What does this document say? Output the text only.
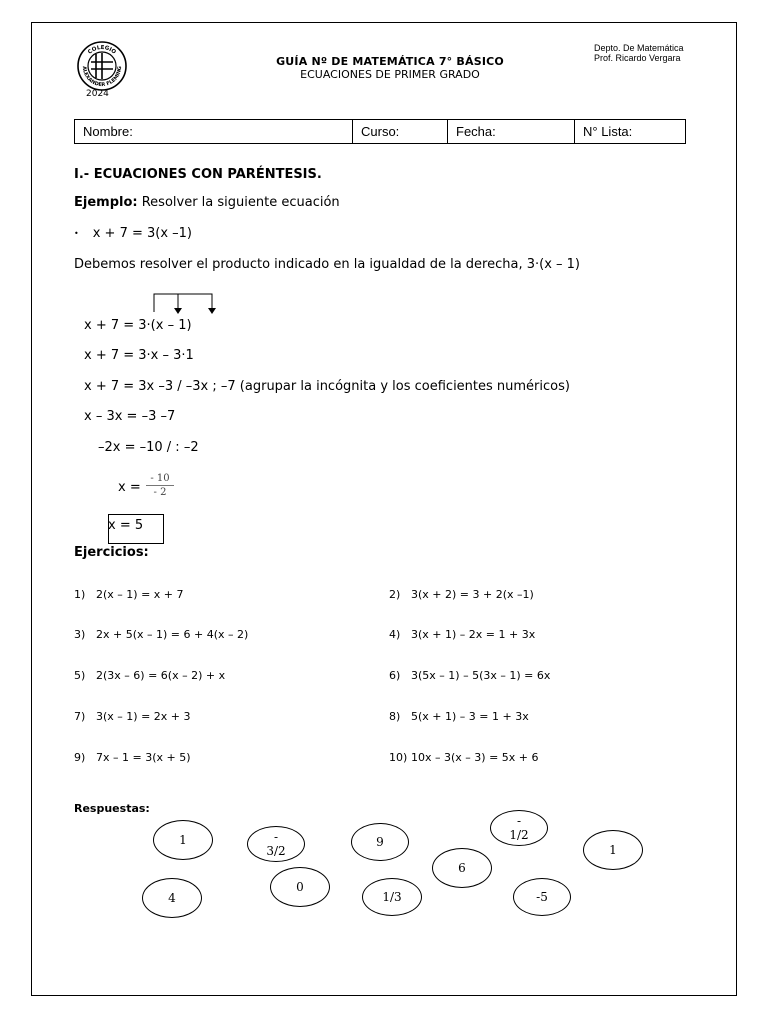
COLEGIO
ALEXANDER FLEMING
2024
GUÍA Nº DE MATEMÁTICA 7° BÁSICO
ECUACIONES DE PRIMER GRADO
Depto. De Matemática
Prof. Ricardo Vergara
Nombre:	Curso:	Fecha:	N° Lista:
I.- ECUACIONES CON PARÉNTESIS.
Ejemplo: Resolver la siguiente ecuación
• x + 7 = 3(x –1)
Debemos resolver el producto indicado en la igualdad de la derecha, 3·(x – 1)
x + 7 = 3·(x – 1)
x + 7 = 3·x – 3·1
x + 7 = 3x –3 / –3x ; –7 (agrupar la incógnita y los coeficientes numéricos)
x – 3x = –3 –7
–2x = –10 / : –2
x =
- 10
- 2
x = 5
Ejercicios:
1) 2(x – 1) = x + 7	2) 3(x + 2) = 3 + 2(x –1)
3) 2x + 5(x – 1) = 6 + 4(x – 2)	4) 3(x + 1) – 2x = 1 + 3x
5) 2(3x – 6) = 6(x – 2) + x	6) 3(5x – 1) – 5(3x – 1) = 6x
7) 3(x – 1) = 2x + 3	8) 5(x + 1) – 3 = 1 + 3x
9) 7x – 1 = 3(x + 5)	10) 10x – 3(x – 3) = 5x + 6
Respuestas:
1	-
3/2
9
-
1/2
1
6
4
0
1/3	-5
